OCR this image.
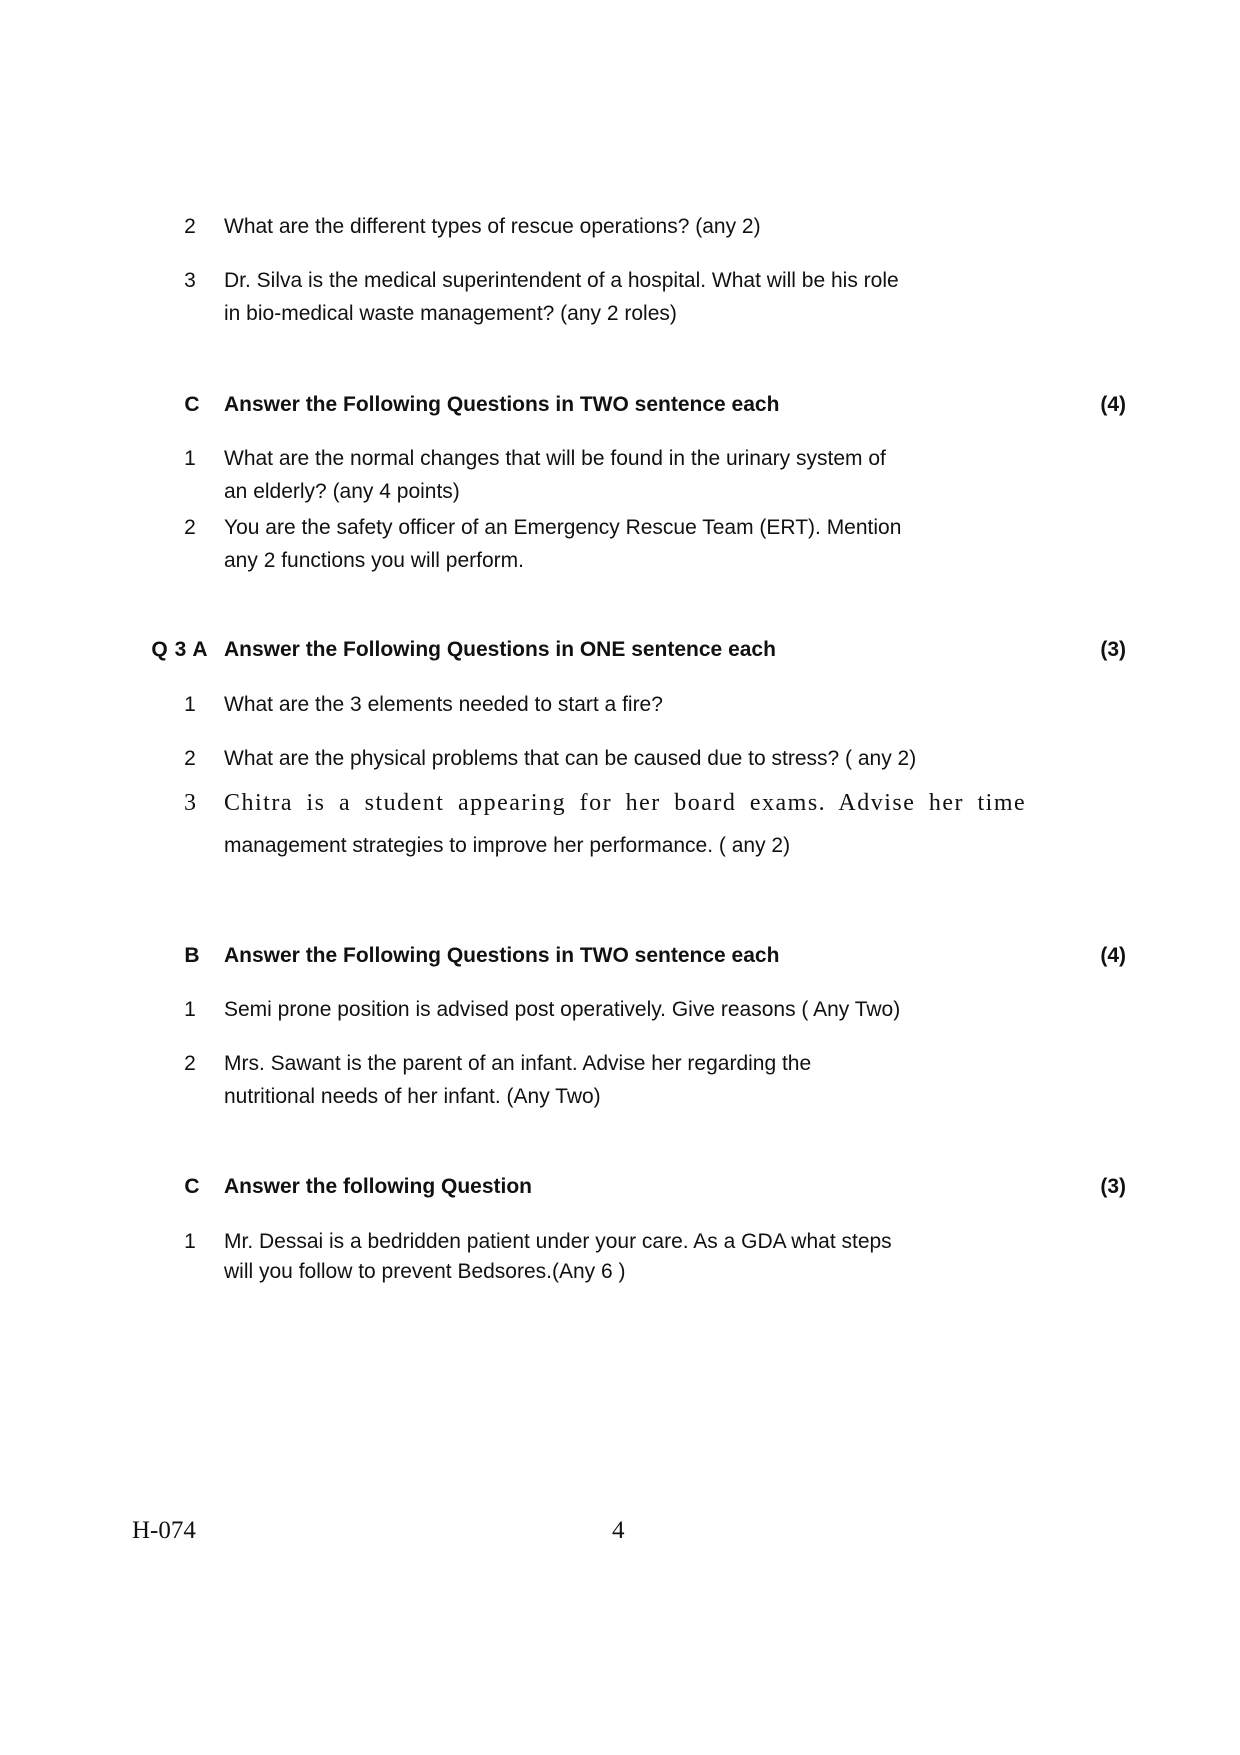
2 What are the different types of rescue operations? (any 2)
3 Dr. Silva is the medical superintendent of a hospital. What will be his role
in bio-medical waste management? (any 2 roles)
C Answer the Following Questions in TWO sentence each	(4)
1 What are the normal changes that will be found in the urinary system of
an elderly? (any 4 points)
2 You are the safety officer of an Emergency Rescue Team (ERT). Mention
any 2 functions you will perform.
Q 3 A Answer the Following Questions in ONE sentence each	(3)
1 What are the 3 elements needed to start a fire?
2 What are the physical problems that can be caused due to stress? ( any 2)
3 Chitra is a student appearing for her board exams. Advise her time
management strategies to improve her performance. ( any 2)
B Answer the Following Questions in TWO sentence each	(4)
1 Semi prone position is advised post operatively. Give reasons ( Any Two)
2 Mrs. Sawant is the parent of an infant. Advise her regarding the
nutritional needs of her infant. (Any Two)
C Answer the following Question	(3)
1 Mr. Dessai is a bedridden patient under your care. As a GDA what steps
will you follow to prevent Bedsores.(Any 6 )
H-074	4
